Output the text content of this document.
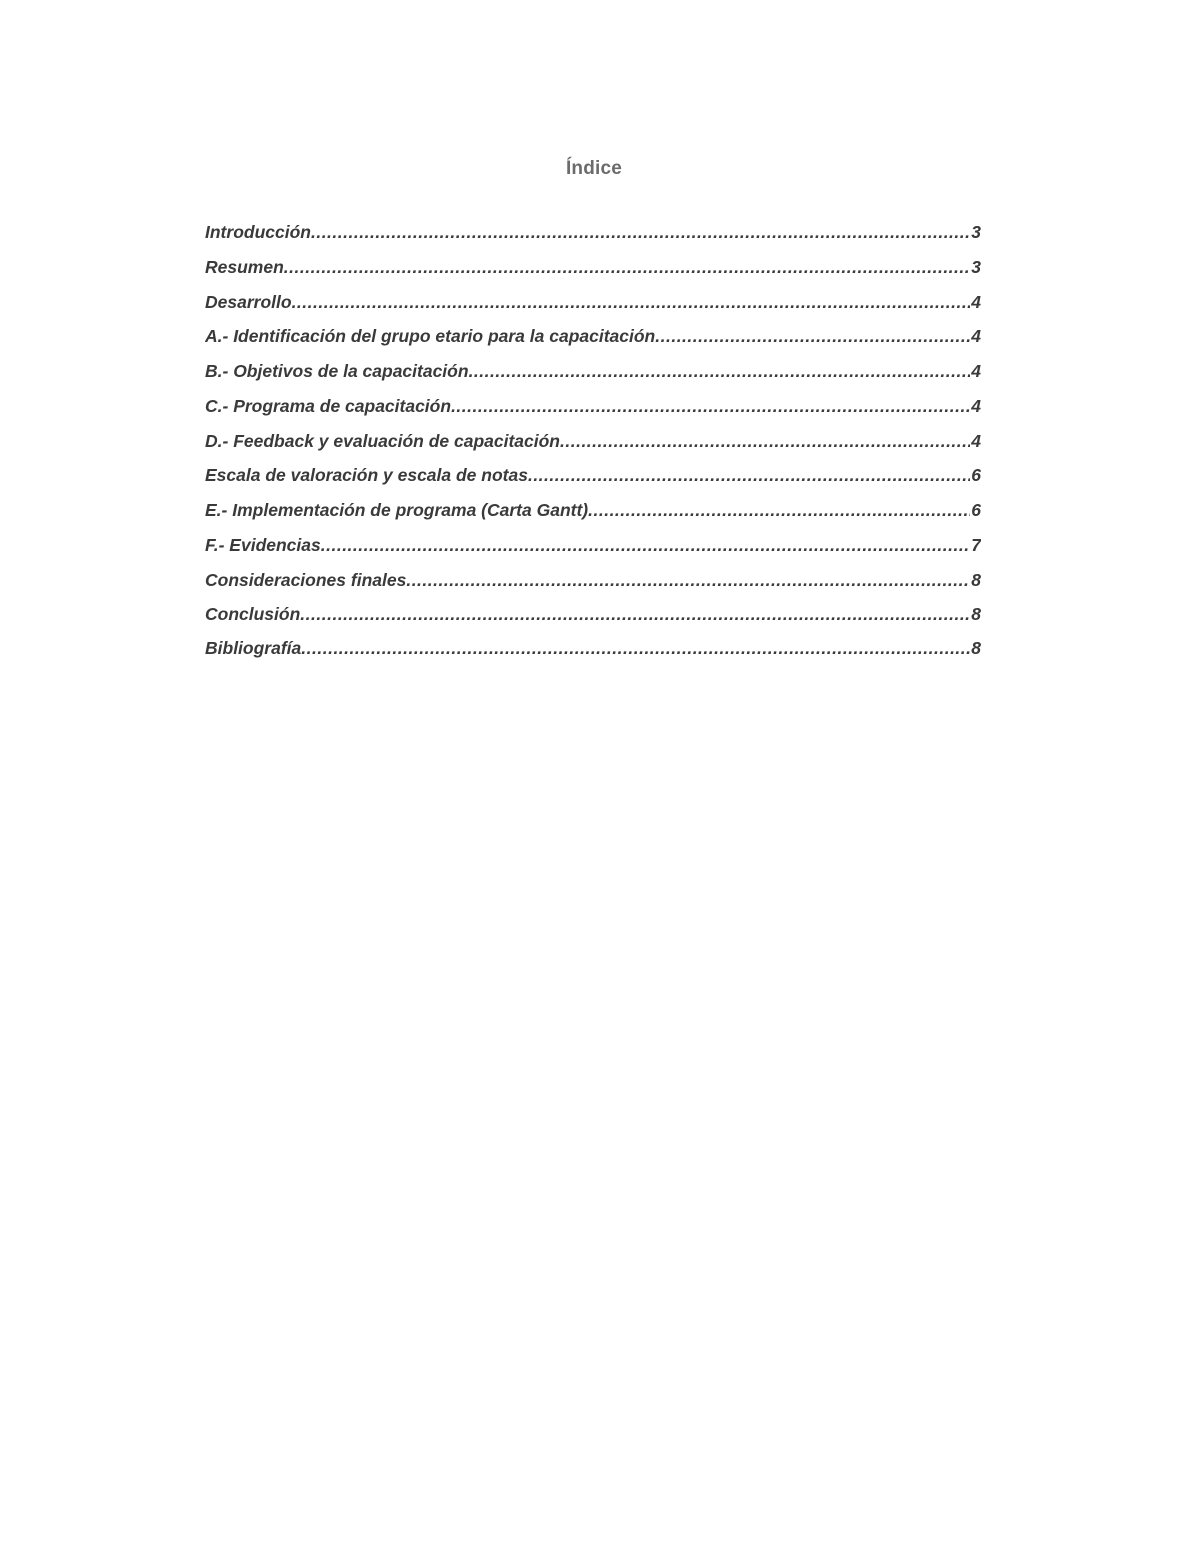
Índice
Introducción .....	3
Resumen .....	3
Desarrollo .....	4
A.- Identificación del grupo etario para la capacitación .....	4
B.- Objetivos de la capacitación .....	4
C.- Programa de capacitación .....	4
D.- Feedback y evaluación de capacitación .....	4
Escala de valoración y escala de notas .....	6
E.- Implementación de programa (Carta Gantt) .....	6
F.- Evidencias .....	7
Consideraciones finales .....	8
Conclusión .....	8
Bibliografía .....	8
